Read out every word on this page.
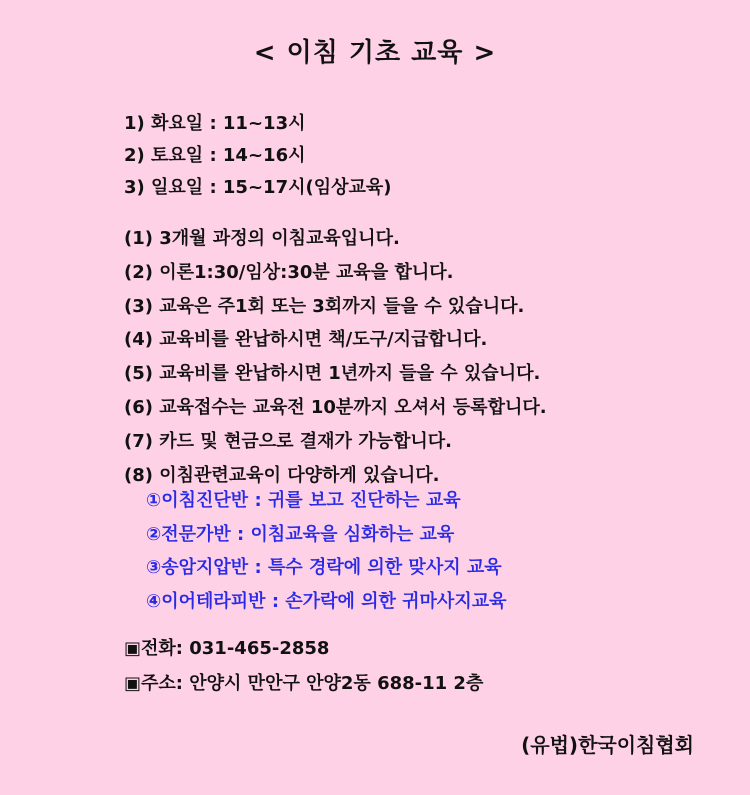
< 이침 기초 교육 >
1) 화요일 : 11~13시
2) 토요일 : 14~16시
3) 일요일 : 15~17시(임상교육)
(1) 3개월 과정의 이침교육입니다.
(2) 이론1:30/임상:30분 교육을 합니다.
(3) 교육은 주1회 또는 3회까지 들을 수 있습니다.
(4) 교육비를 완납하시면 책/도구/지급합니다.
(5) 교육비를 완납하시면 1년까지 들을 수 있습니다.
(6) 교육접수는 교육전 10분까지 오셔서 등록합니다.
(7) 카드 및 현금으로 결재가 가능합니다.
(8) 이침관련교육이 다양하게 있습니다.
①이침진단반 : 귀를 보고 진단하는 교육
②전문가반 : 이침교육을 심화하는 교육
③송암지압반 : 특수 경락에 의한 맞사지 교육
④이어테라피반 : 손가락에 의한 귀마사지교육
▣전화: 031-465-2858
▣주소: 안양시 만안구 안양2동 688-11 2층
(유법)한국이침협회
